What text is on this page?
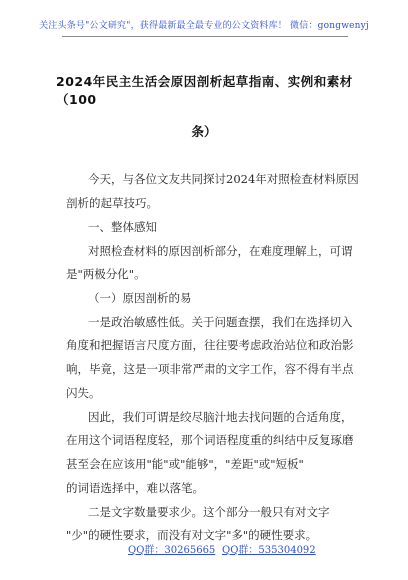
关注头条号"公文研究"，获得最新最全最专业的公文资料库！ 微信：gongwenyj
2024年民主生活会原因剖析起草指南、实例和素材（100
条）
今天，与各位文友共同探讨2024年对照检查材料原因
剖析的起草技巧。
一、整体感知
对照检查材料的原因剖析部分，在难度理解上，可谓
是"两极分化"。
（一）原因剖析的易
一是政治敏感性低。关于问题查摆，我们在选择切入
角度和把握语言尺度方面，往往要考虑政治站位和政治影
响，毕竟，这是一项非常严肃的文字工作，容不得有半点
闪失。
因此，我们可谓是绞尽脑汁地去找问题的合适角度，
在用这个词语程度轻，那个词语程度重的纠结中反复琢磨
甚至会在应该用"能"或"能够"，"差距"或"短板"
的词语选择中，难以落笔。
二是文字数量要求少。这个部分一般只有对文字
"少"的硬性要求，而没有对文字"多"的硬性要求。
QQ群：30265665 QQ群：535304092
